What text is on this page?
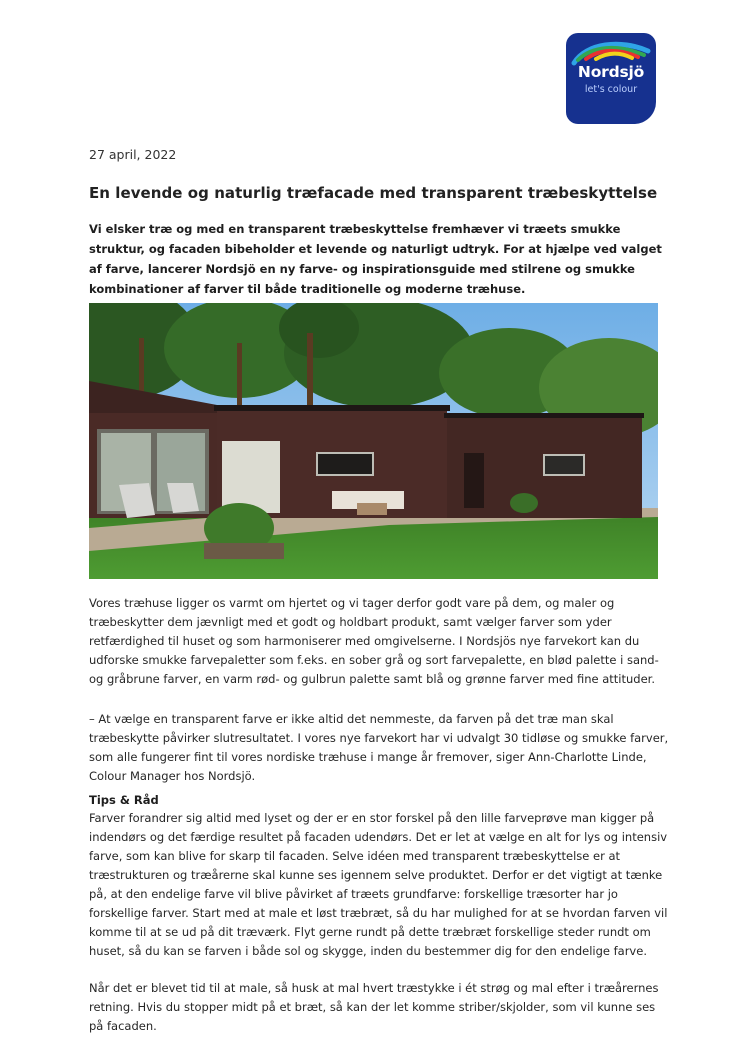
Nordsjö
let's colour
27 april, 2022
En levende og naturlig træfacade med transparent træbeskyttelse

Vi elsker træ og med en transparent træbeskyttelse fremhæver vi træets smukke struktur, og facaden bibeholder et levende og naturligt udtryk. For at hjælpe ved valget af farve, lancerer Nordsjö en ny farve- og inspirationsguide med stilrene og smukke kombinationer af farver til både traditionelle og moderne træhuse.

Vores træhuse ligger os varmt om hjertet og vi tager derfor godt vare på dem, og maler og træbeskytter dem jævnligt med et godt og holdbart produkt, samt vælger farver som yder retfærdighed til huset og som harmoniserer med omgivelserne. I Nordsjös nye farvekort kan du udforske smukke farvepaletter som f.eks. en sober grå og sort farvepalette, en blød palette i sand- og gråbrune farver, en varm rød- og gulbrun palette samt blå og grønne farver med fine attituder.

– At vælge en transparent farve er ikke altid det nemmeste, da farven på det træ man skal træbeskytte påvirker slutresultatet. I vores nye farvekort har vi udvalgt 30 tidløse og smukke farver, som alle fungerer fint til vores nordiske træhuse i mange år fremover, siger Ann-Charlotte Linde, Colour Manager hos Nordsjö.

Tips & Råd

Farver forandrer sig altid med lyset og der er en stor forskel på den lille farveprøve man kigger på indendørs og det færdige resultet på facaden udendørs. Det er let at vælge en alt for lys og intensiv farve, som kan blive for skarp til facaden. Selve idéen med transparent træbeskyttelse er at træstrukturen og træårerne skal kunne ses igennem selve produktet. Derfor er det vigtigt at tænke på, at den endelige farve vil blive påvirket af træets grundfarve: forskellige træsorter har jo forskellige farver. Start med at male et løst træbræt, så du har mulighed for at se hvordan farven vil komme til at se ud på dit træværk. Flyt gerne rundt på dette træbræt forskellige steder rundt om huset, så du kan se farven i både sol og skygge, inden du bestemmer dig for den endelige farve.

Når det er blevet tid til at male, så husk at mal hvert træstykke i ét strøg og mal efter i træårernes retning. Hvis du stopper midt på et bræt, så kan der let komme striber/skjolder, som vil kunne ses på facaden.
